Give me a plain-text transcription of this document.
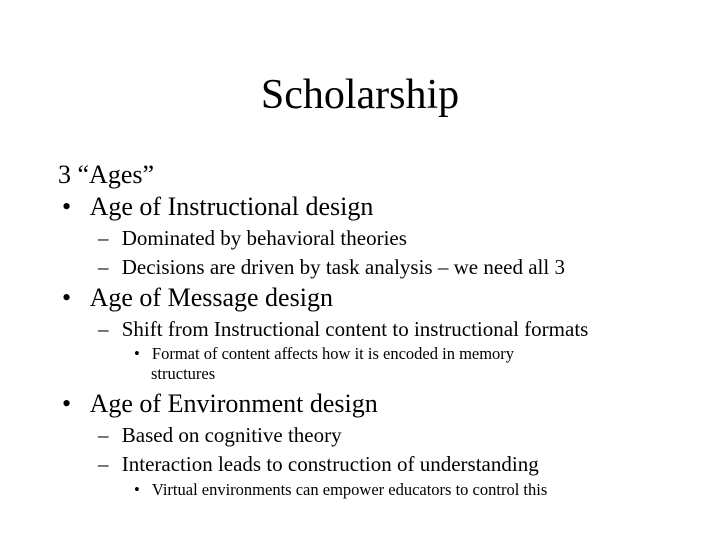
Scholarship
3 “Ages”
• Age of Instructional design
– Dominated by behavioral theories
– Decisions are driven by task analysis – we need all 3
• Age of Message design
– Shift from Instructional content to instructional formats
• Format of content affects how it is encoded in memory
structures
• Age of Environment design
– Based on cognitive theory
– Interaction leads to construction of understanding
• Virtual environments can empower educators to control this
